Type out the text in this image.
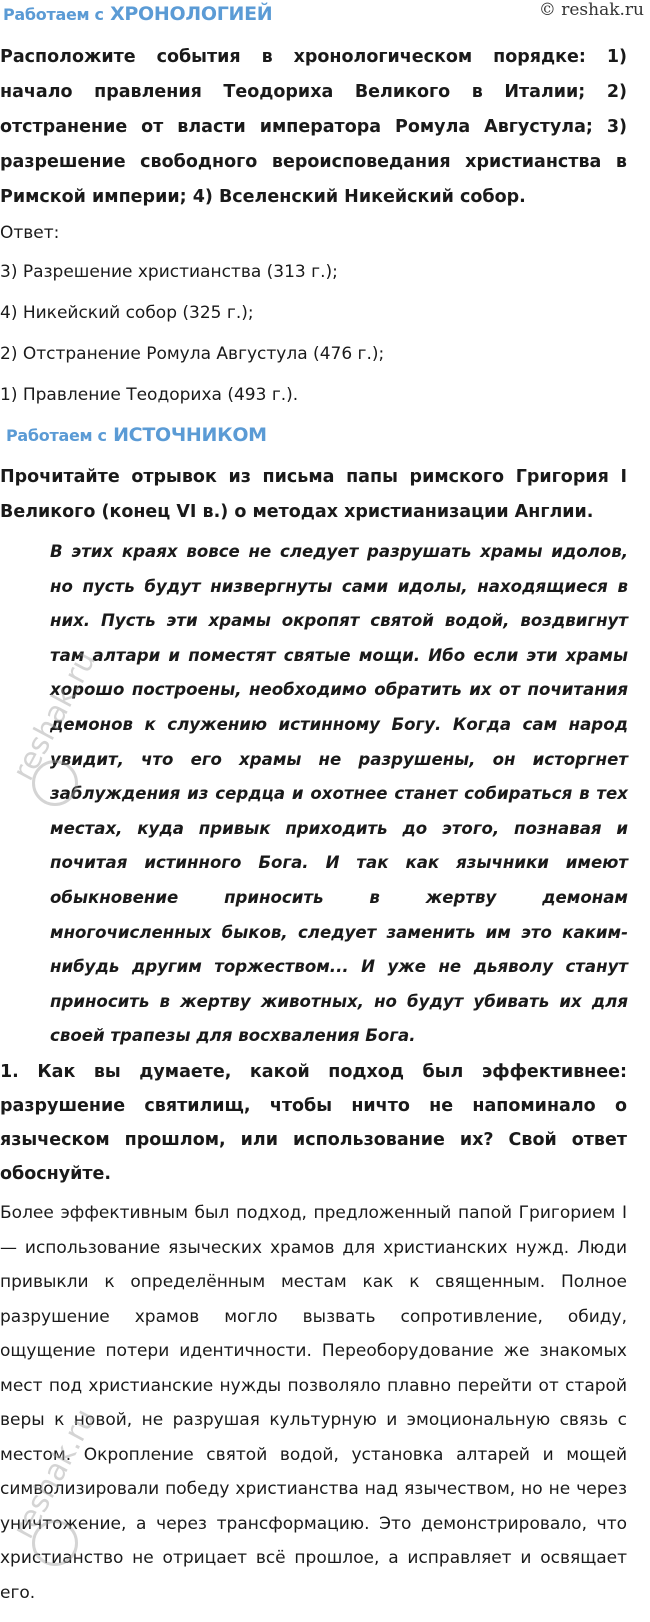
© reshak.ru
Работаем с ХРОНОЛОГИЕЙ
Расположите события в хронологическом порядке: 1) начало правления Теодориха Великого в Италии; 2) отстранение от власти императора Ромула Августула; 3) разрешение свободного вероисповедания христианства в Римской империи; 4) Вселенский Никейский собор.
Ответ:
3) Разрешение христианства (313 г.);
4) Никейский собор (325 г.);
2) Отстранение Ромула Августула (476 г.);
1) Правление Теодориха (493 г.).
Работаем с ИСТОЧНИКОМ
Прочитайте отрывок из письма папы римского Григория I Великого (конец VI в.) о методах христианизации Англии.
В этих краях вовсе не следует разрушать храмы идолов, но пусть будут низвергнуты сами идолы, находящиеся в них. Пусть эти храмы окропят святой водой, воздвигнут там алтари и поместят святые мощи. Ибо если эти храмы хорошо построены, необходимо обратить их от почитания демонов к служению истинному Богу. Когда сам народ увидит, что его храмы не разрушены, он исторгнет заблуждения из сердца и охотнее станет собираться в тех местах, куда привык приходить до этого, познавая и почитая истинного Бога. И так как язычники имеют обыкновение приносить в жертву демонам многочисленных быков, следует заменить им это каким-нибудь другим торжеством... И уже не дьяволу станут приносить в жертву животных, но будут убивать их для своей трапезы для восхваления Бога.
1. Как вы думаете, какой подход был эффективнее: разрушение святилищ, чтобы ничто не напоминало о языческом прошлом, или использование их? Свой ответ обоснуйте.
Более эффективным был подход, предложенный папой Григорием I — использование языческих храмов для христианских нужд. Люди привыкли к определённым местам как к священным. Полное разрушение храмов могло вызвать сопротивление, обиду, ощущение потери идентичности. Переоборудование же знакомых мест под христианские нужды позволяло плавно перейти от старой веры к новой, не разрушая культурную и эмоциональную связь с местом. Окропление святой водой, установка алтарей и мощей символизировали победу христианства над язычеством, но не через уничтожение, а через трансформацию. Это демонстрировало, что христианство не отрицает всё прошлое, а исправляет и освящает его.
reshak.ru
reshak.ru
